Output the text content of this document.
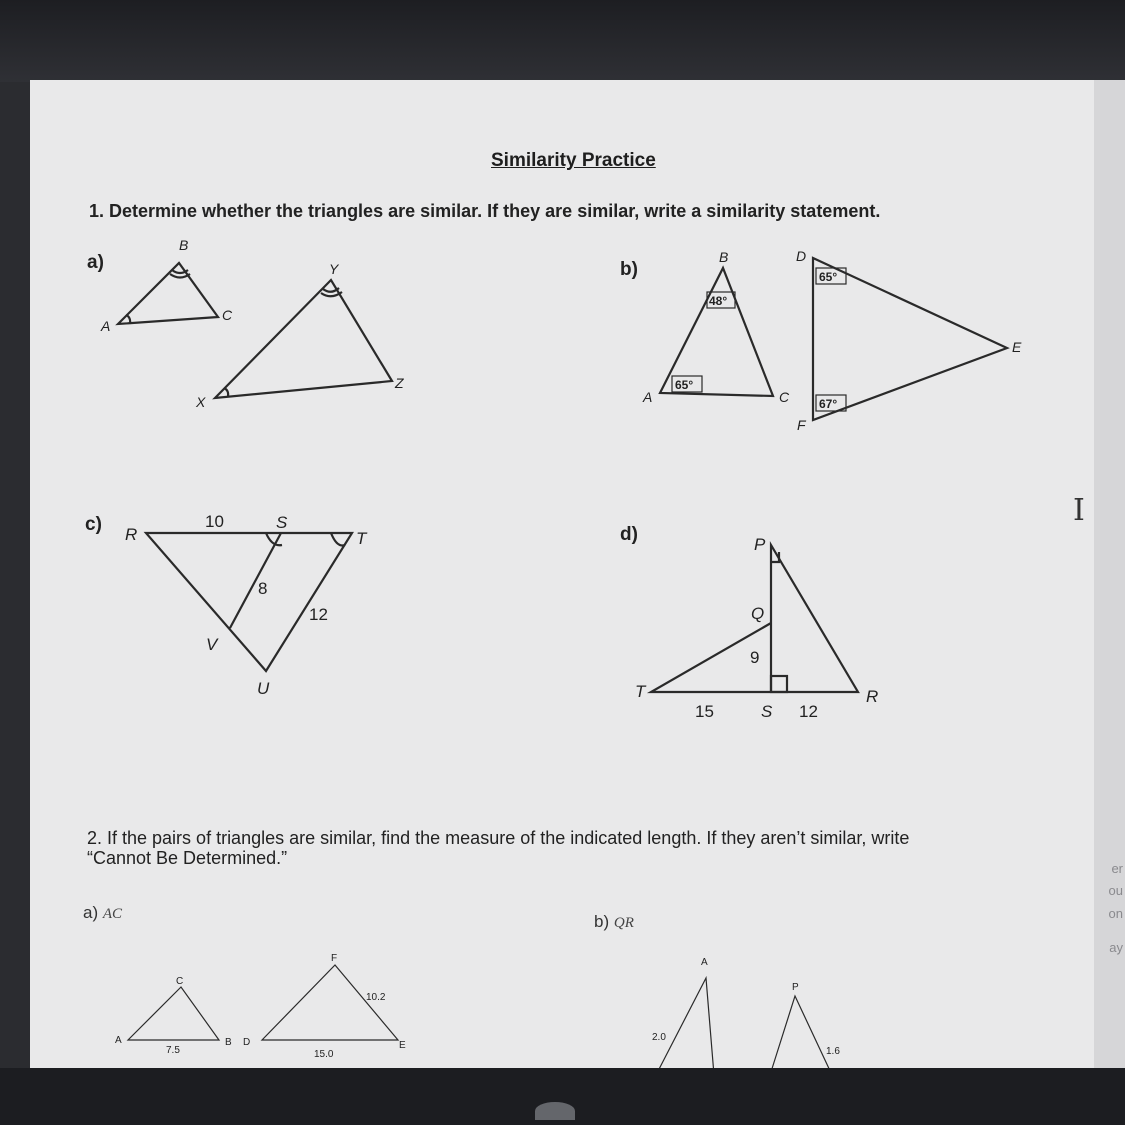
er
ou
on
ay
Similarity Practice
1. Determine whether the triangles are similar. If they are similar, write a similarity statement.
a)	b)
c)	d)
2. If the pairs of triangles are similar, find the measure of the indicated length. If they aren’t similar, write
“Cannot Be Determined.”
a) AC	b) QR
B
A
C
Y
X
Z
B
A	C
D
E
F
48°
65°
65°
67°
R
S
T
V
U
10
8
12
P
Q
T	R
S
9
15	12
A
C
B D
F
E
7.5	15.0
10.2
A
P
2.0
1.6
I
